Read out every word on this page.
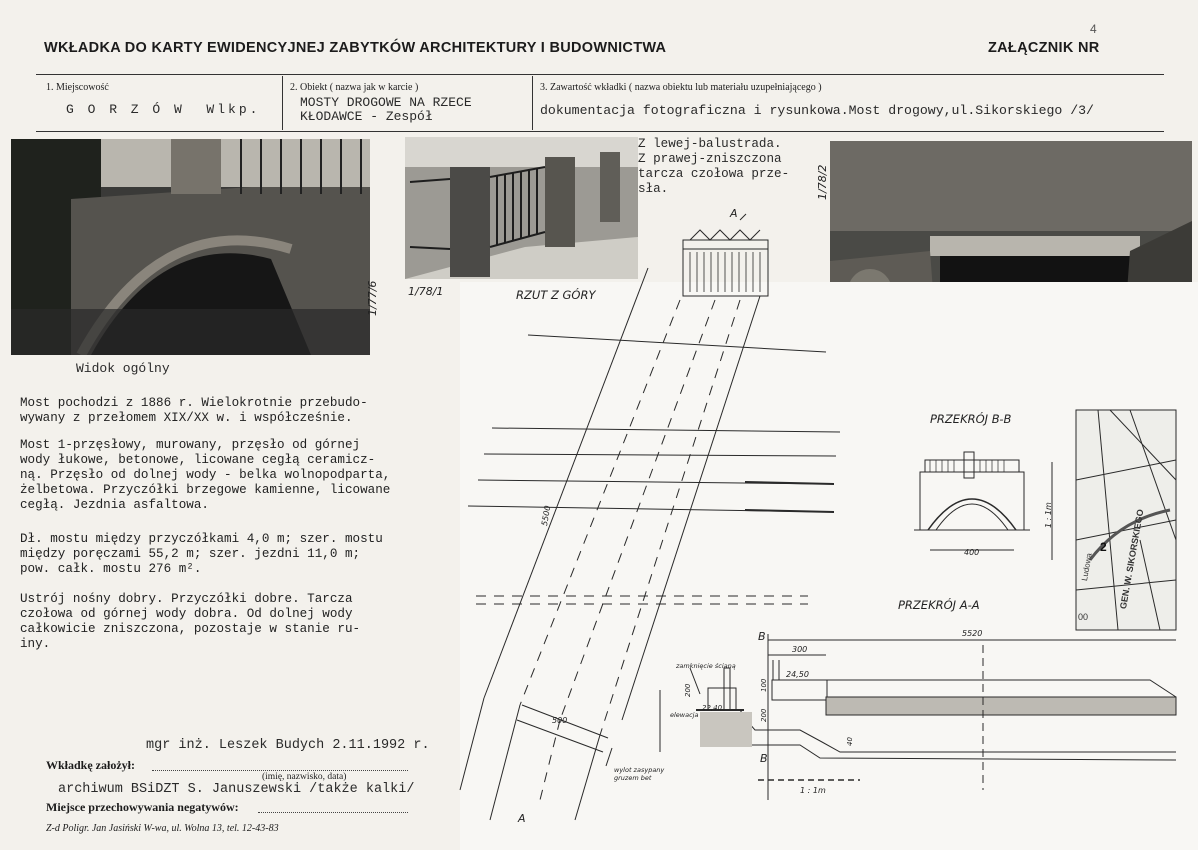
4
WKŁADKA DO KARTY EWIDENCYJNEJ ZABYTKÓW ARCHITEKTURY I BUDOWNICTWA	ZAŁĄCZNIK NR
1. Miejscowość
G O R Z Ó W  Wlkp.
2. Obiekt ( nazwa jak w karcie )
MOSTY DROGOWE NA RZECE
KŁODAWCE - Zespół
3. Zawartość wkładki ( nazwa obiektu lub materiału uzupełniającego )
dokumentacja fotograficzna i rysunkowa.Most drogowy,ul.Sikorskiego /3/
1/77/6
Widok ogólny
1/78/1
Z lewej-balustrada.
Z prawej-zniszczona
tarcza czołowa prze-
sła.	1/78/2
Most pochodzi z 1886 r. Wielokrotnie przebudo-
wywany z przełomem XIX/XX w. i współcześnie.
Most 1-przęsłowy, murowany, przęsło od górnej
wody łukowe, betonowe, licowane cegłą ceramicz-
ną. Przęsło od dolnej wody - belka wolnopodparta,
żelbetowa. Przyczółki brzegowe kamienne, licowane
cegłą. Jezdnia asfaltowa.
Dł. mostu między przyczółkami 4,0 m; szer. mostu
między poręczami 55,2 m; szer. jezdni 11,0 m;
pow. całk. mostu 276 m².
Ustrój nośny dobry. Przyczółki dobre. Tarcza
czołowa od górnej wody dobra. Od dolnej wody
całkowicie zniszczona, pozostaje w stanie ru-
iny.
mgr inż. Leszek Budych 2.11.1992 r.
Wkładkę założył:
(imię, nazwisko, data)
archiwum BSiDZT S. Januszewski /także kalki/
Miejsce przechowywania negatywów:
Z-d Poligr. Jan Jasiński W-wa, ul. Wolna 13, tel. 12-43-83
RZUT Z GÓRY
A
A
5500
500
PRZEKRÓJ B-B
400
1 : 1m
PRZEKRÓJ A-A
B
B
5520
300
24,50
22,40
200	100
200
40
elewacja
zamknięcie ścianą
wylot zasypany gruzem bet
1 : 1m
GEN. W. SIKORSKIEGO
Ludowa
2
00
